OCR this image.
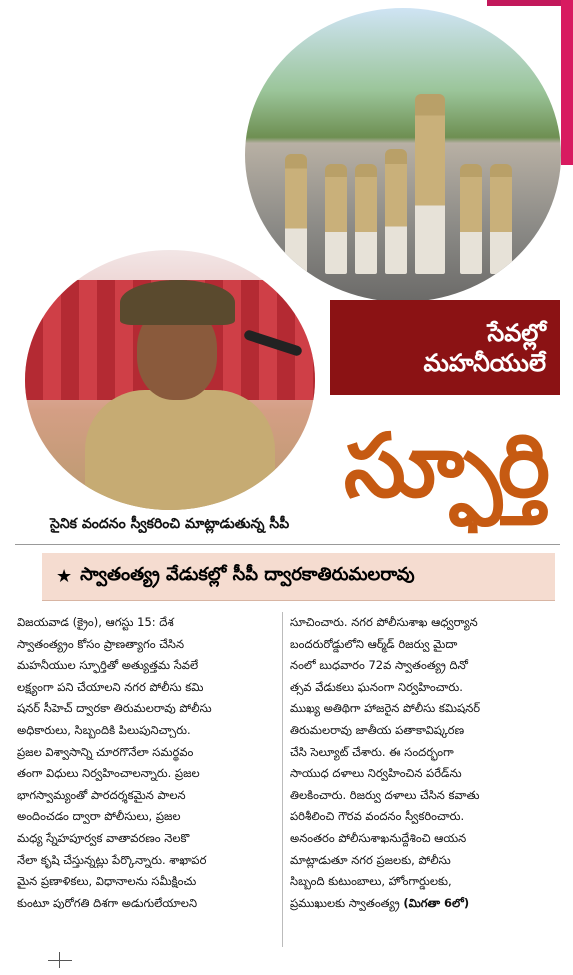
సేవల్లో
మహనీయులే
స్ఫూర్తి
సైనిక వందనం స్వీకరించి మాట్లాడుతున్న సీపీ
★ స్వాతంత్య్ర వేడుకల్లో సీపీ ద్వారకాతిరుమలరావు
విజయవాడ (క్రైం), ఆగస్టు 15: దేశ
స్వాతంత్య్రం కోసం ప్రాణత్యాగం చేసిన
మహనీయుల స్ఫూర్తితో అత్యుత్తమ సేవలే
లక్ష్యంగా పని చేయాలని నగర పోలీసు కమి
షనర్ సీహెచ్ ద్వారకా తిరుమలరావు పోలీసు
అధికారులు, సిబ్బందికి పిలుపునిచ్చారు.
ప్రజల విశ్వాసాన్ని చూరగొనేలా సమర్థవం
తంగా విధులు నిర్వహించాలన్నారు. ప్రజల
భాగస్వామ్యంతో పారదర్శకమైన పాలన
అందించడం ద్వారా పోలీసులు, ప్రజల
మధ్య స్నేహపూర్వక వాతావరణం నెలకొ
నేలా కృషి చేస్తున్నట్లు పేర్కొన్నారు. శాఖాపర
మైన ప్రణాళికలు, విధానాలను సమీక్షించు
కుంటూ పురోగతి దిశగా అడుగులేయాలని
సూచించారు. నగర పోలీసుశాఖ ఆధ్వర్యాన
బందరురోడ్డులోని ఆర్మ్‌డ్ రిజర్వు మైదా
నంలో బుధవారం 72వ స్వాతంత్య్ర దినో
త్సవ వేడుకలు ఘనంగా నిర్వహించారు.
ముఖ్య అతిథిగా హాజరైన పోలీసు కమిషనర్
తిరుమలరావు జాతీయ పతాకావిష్కరణ
చేసి సెల్యూట్ చేశారు. ఈ సందర్భంగా
సాయుధ దళాలు నిర్వహించిన పరేడ్‌ను
తిలకించారు. రిజర్వు దళాలు చేసిన కవాతు
పరిశీలించి గౌరవ వందనం స్వీకరించారు.
అనంతరం పోలీసుశాఖనుద్దేశించి ఆయన
మాట్లాడుతూ నగర ప్రజలకు, పోలీసు
సిబ్బంది కుటుంబాలు, హోంగార్డులకు,
ప్రముఖులకు స్వాతంత్య్ర (మిగతా 6లో)
